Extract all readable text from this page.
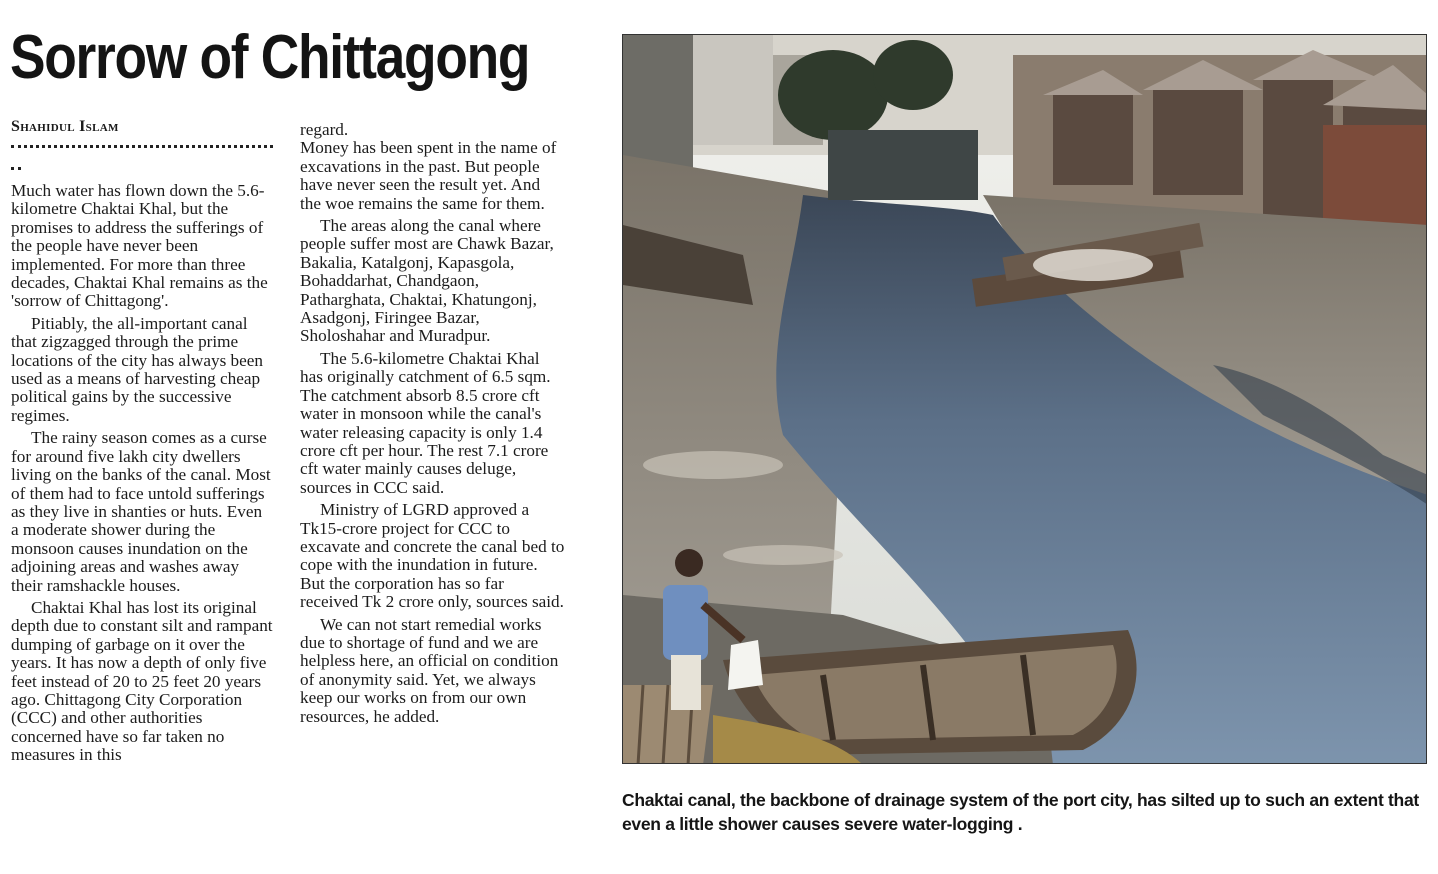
Sorrow of Chittagong
Shahidul Islam

Much water has flown down the 5.6-kilometre Chaktai Khal, but the promises to address the sufferings of the people have never been implemented. For more than three decades, Chaktai Khal remains as the 'sorrow of Chittagong'.

Pitiably, the all-important canal that zigzagged through the prime locations of the city has always been used as a means of harvesting cheap political gains by the successive regimes.

The rainy season comes as a curse for around five lakh city dwellers living on the banks of the canal. Most of them had to face untold sufferings as they live in shanties or huts. Even a moderate shower during the monsoon causes inundation on the adjoining areas and washes away their ramshackle houses.

Chaktai Khal has lost its original depth due to constant silt and rampant dumping of garbage on it over the years. It has now a depth of only five feet instead of 20 to 25 feet 20 years ago. Chittagong City Corporation (CCC) and other authorities concerned have so far taken no measures in this

regard.

Money has been spent in the name of excavations in the past. But people have never seen the result yet. And the woe remains the same for them.

The areas along the canal where people suffer most are Chawk Bazar, Bakalia, Katalgonj, Kapasgola, Bohaddarhat, Chandgaon, Patharghata, Chaktai, Khatungonj, Asadgonj, Firingee Bazar, Sholoshahar and Muradpur.

The 5.6-kilometre Chaktai Khal has originally catchment of 6.5 sqm. The catchment absorb 8.5 crore cft water in monsoon while the canal's water releasing capacity is only 1.4 crore cft per hour. The rest 7.1 crore cft water mainly causes deluge, sources in CCC said.

Ministry of LGRD approved a Tk15-crore project for CCC to excavate and concrete the canal bed to cope with the inundation in future. But the corporation has so far received Tk 2 crore only, sources said.

We can not start remedial works due to shortage of fund and we are helpless here, an official on condition of anonymity said. Yet, we always keep our works on from our own resources, he added.

Chaktai canal, the backbone of drainage system of the port city, has silted up to such an extent that even a little shower causes severe water-logging .
